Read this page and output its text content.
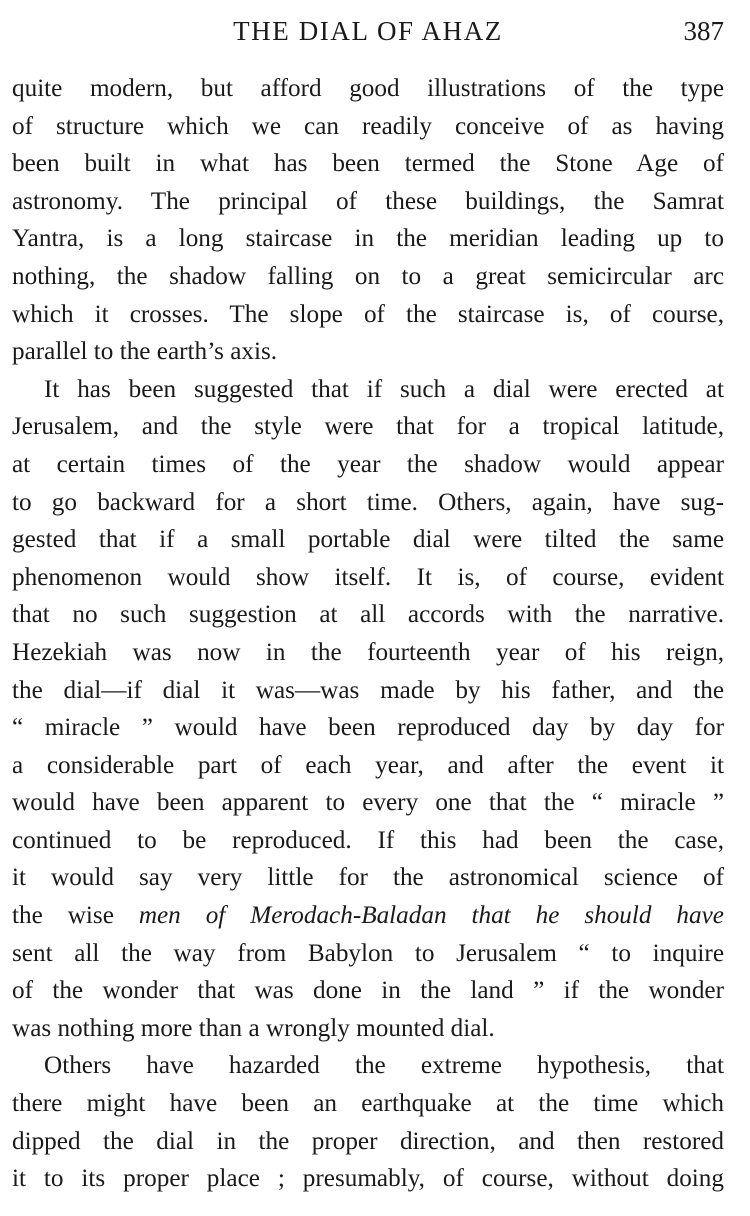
THE DIAL OF AHAZ	387
quite modern, but afford good illustrations of the type
of structure which we can readily conceive of as having
been built in what has been termed the Stone Age of
astronomy. The principal of these buildings, the Samrat
Yantra, is a long staircase in the meridian leading up to
nothing, the shadow falling on to a great semicircular arc
which it crosses. The slope of the staircase is, of course,
parallel to the earth’s axis.
It has been suggested that if such a dial were erected at
Jerusalem, and the style were that for a tropical latitude,
at certain times of the year the shadow would appear
to go backward for a short time. Others, again, have sug-
gested that if a small portable dial were tilted the same
phenomenon would show itself. It is, of course, evident
that no such suggestion at all accords with the narrative.
Hezekiah was now in the fourteenth year of his reign,
the dial—if dial it was—was made by his father, and the
“ miracle ” would have been reproduced day by day for
a considerable part of each year, and after the event it
would have been apparent to every one that the “ miracle ”
continued to be reproduced. If this had been the case,
it would say very little for the astronomical science of
the wise men of Merodach-Baladan that he should have
sent all the way from Babylon to Jerusalem “ to inquire
of the wonder that was done in the land ” if the wonder
was nothing more than a wrongly mounted dial.
Others have hazarded the extreme hypothesis, that
there might have been an earthquake at the time which
dipped the dial in the proper direction, and then restored
it to its proper place ; presumably, of course, without doing
